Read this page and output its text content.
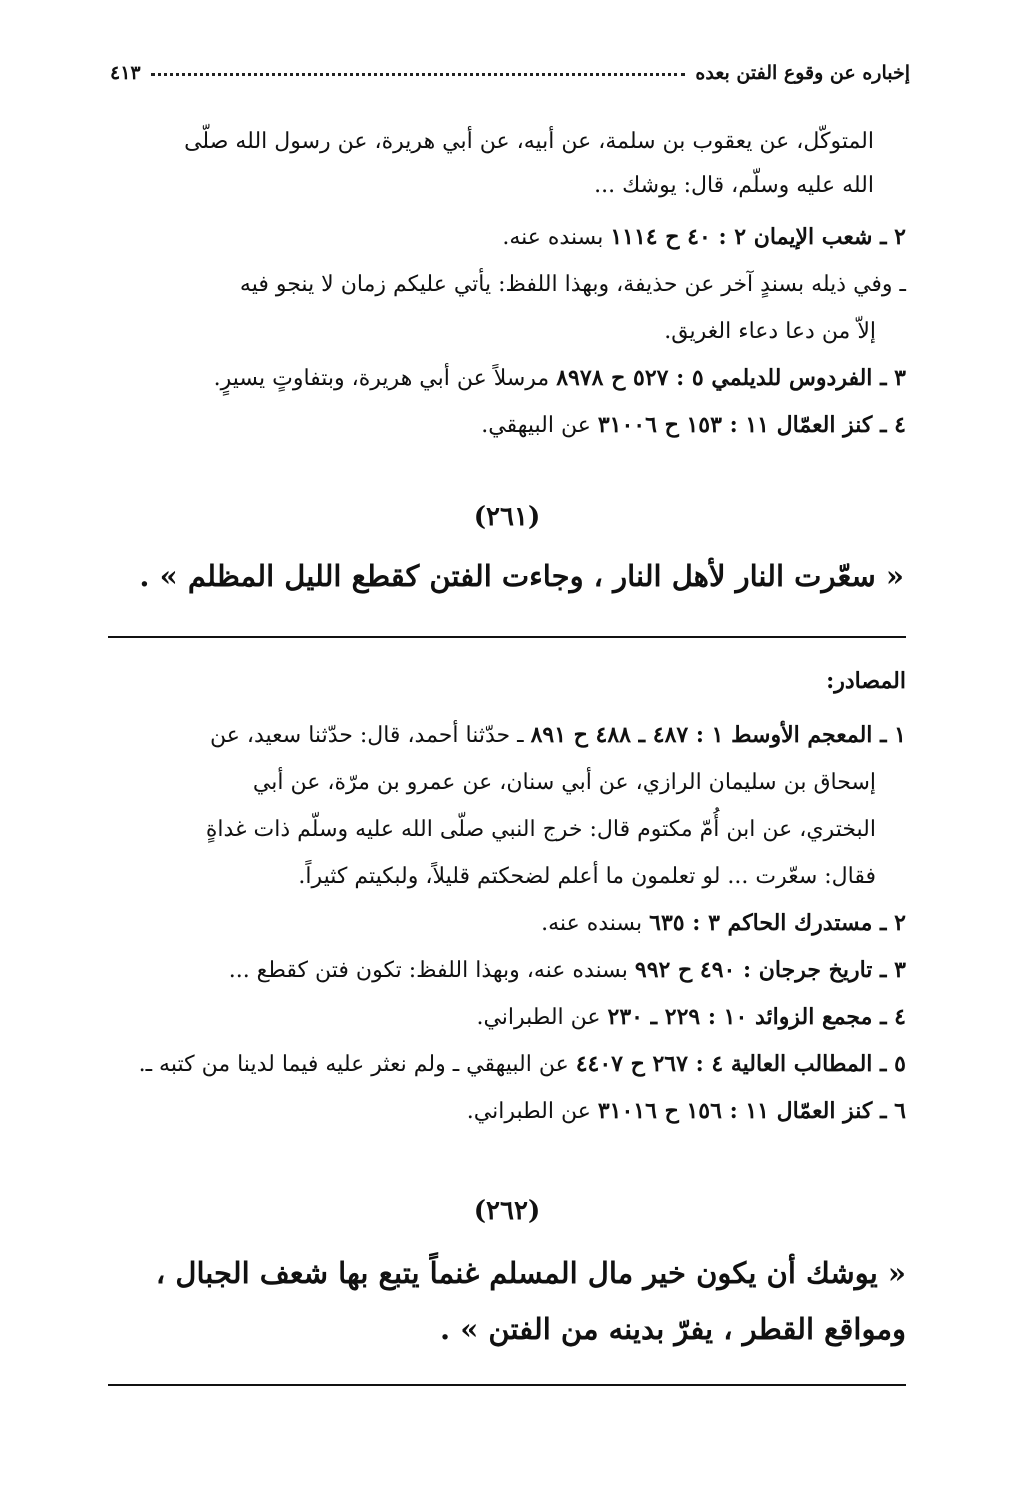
إخباره عن وقوع الفتن بعده
٤١٣
المتوكّل، عن يعقوب بن سلمة، عن أبيه، عن أبي هريرة، عن رسول الله صلّى
الله عليه وسلّم، قال: يوشك ...
٢ ـ شعب الإيمان ٢ : ٤٠ ح ١١١٤ بسنده عنه.
ـ وفي ذيله بسندٍ آخر عن حذيفة، وبهذا اللفظ: يأتي عليكم زمان لا ينجو فيه
إلاّ من دعا دعاء الغريق.
٣ ـ الفردوس للديلمي ٥ : ٥٢٧ ح ٨٩٧٨ مرسلاً عن أبي هريرة، وبتفاوتٍ يسيرٍ.
٤ ـ كنز العمّال ١١ : ١٥٣ ح ٣١٠٠٦ عن البيهقي.
(٢٦١)
« سعّرت النار لأهل النار ، وجاءت الفتن كقطع الليل المظلم » .
المصادر:
١ ـ المعجم الأوسط ١ : ٤٨٧ ـ ٤٨٨ ح ٨٩١ ـ حدّثنا أحمد، قال: حدّثنا سعيد، عن
إسحاق بن سليمان الرازي، عن أبي سنان، عن عمرو بن مرّة، عن أبي
البختري، عن ابن أُمّ مكتوم قال: خرج النبي صلّى الله عليه وسلّم ذات غداةٍ
فقال: سعّرت ... لو تعلمون ما أعلم لضحكتم قليلاً، ولبكيتم كثيراً.
٢ ـ مستدرك الحاكم ٣ : ٦٣٥ بسنده عنه.
٣ ـ تاريخ جرجان : ٤٩٠ ح ٩٩٢ بسنده عنه، وبهذا اللفظ: تكون فتن كقطع ...
٤ ـ مجمع الزوائد ١٠ : ٢٢٩ ـ ٢٣٠ عن الطبراني.
٥ ـ المطالب العالية ٤ : ٢٦٧ ح ٤٤٠٧ عن البيهقي ـ ولم نعثر عليه فيما لدينا من كتبه ـ.
٦ ـ كنز العمّال ١١ : ١٥٦ ح ٣١٠١٦ عن الطبراني.
(٢٦٢)
« يوشك أن يكون خير مال المسلم غنماً يتبع بها شعف الجبال ،
ومواقع القطر ، يفرّ بدينه من الفتن » .
